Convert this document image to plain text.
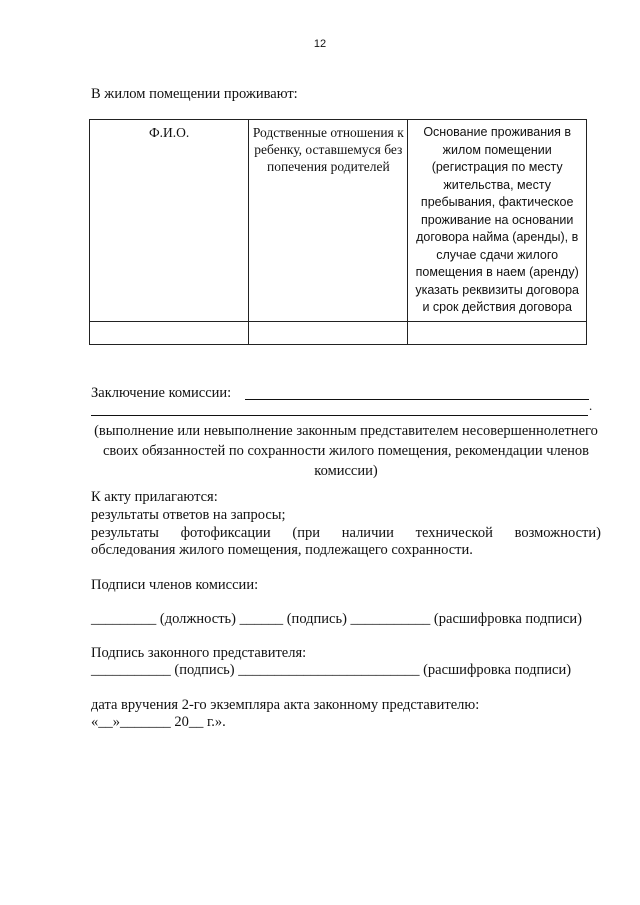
12
В жилом помещении проживают:
Ф.И.О.	Родственные отношения к ребенку, оставшемуся без попечения родителей	Основание проживания в жилом помещении (регистрация по месту жительства, месту пребывания, фактическое проживание на основании договора найма (аренды), в случае сдачи жилого помещения в наем (аренду) указать реквизиты договора и срок действия договора

Заключение комиссии:
.
(выполнение или невыполнение законным представителем несовершеннолетнего своих обязанностей по сохранности жилого помещения, рекомендации членов комиссии)
К акту прилагаются:
результаты ответов на запросы;
результаты фотофиксации (при наличии технической возможности)
обследования жилого помещения, подлежащего сохранности.
Подписи членов комиссии:
_________ (должность) ______ (подпись) ___________ (расшифровка подписи)
Подпись законного представителя:
___________ (подпись) _________________________ (расшифровка подписи)
дата вручения 2-го экземпляра акта законному представителю:
«__»_______ 20__ г.».
